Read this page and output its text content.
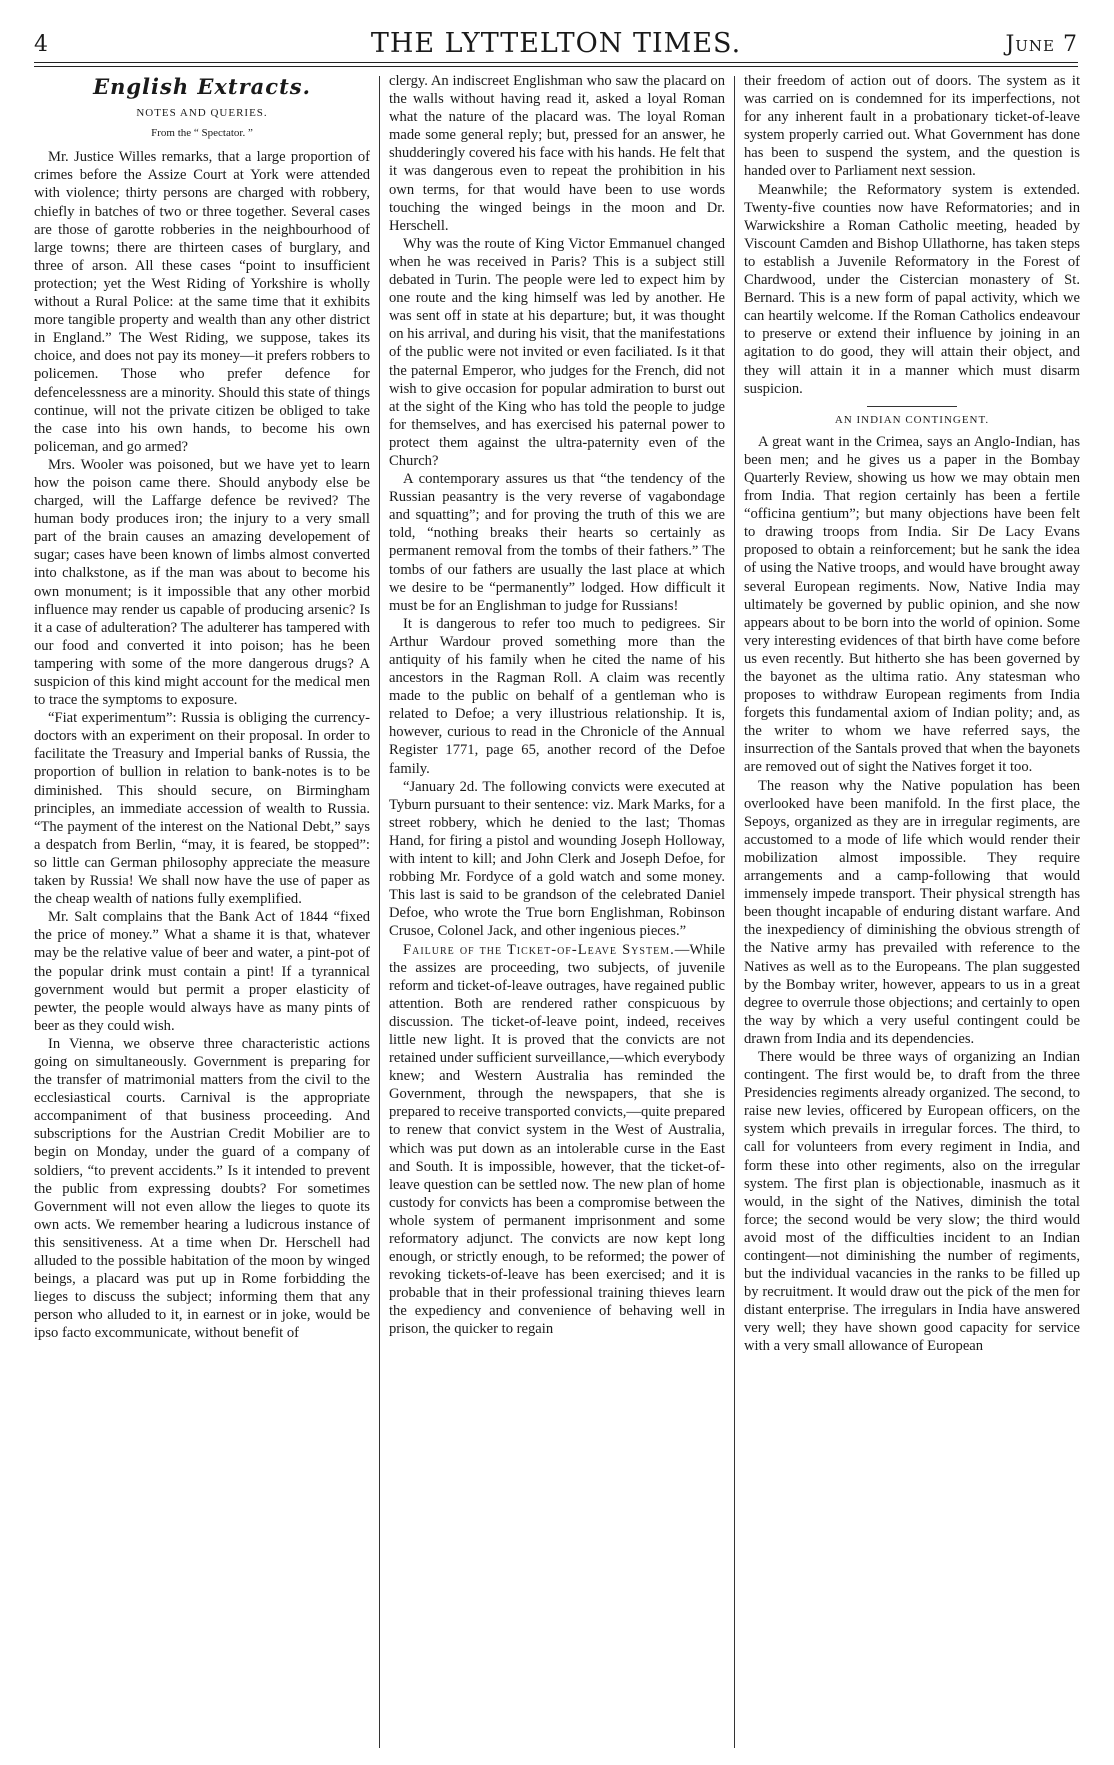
4	THE LYTTELTON TIMES.	June 7
English Extracts.
NOTES AND QUERIES.
From the “ Spectator. ”

Mr. Justice Willes remarks, that a large proportion of crimes before the Assize Court at York were attended with violence; thirty persons are charged with robbery, chiefly in batches of two or three together. Several cases are those of garotte robberies in the neighbourhood of large towns; there are thirteen cases of burglary, and three of arson. All these cases “point to insufficient protection; yet the West Riding of Yorkshire is wholly without a Rural Police: at the same time that it exhibits more tangible property and wealth than any other district in England.” The West Riding, we suppose, takes its choice, and does not pay its money—it prefers robbers to policemen. Those who prefer defence for defencelessness are a minority. Should this state of things continue, will not the private citizen be obliged to take the case into his own hands, to become his own policeman, and go armed?

Mrs. Wooler was poisoned, but we have yet to learn how the poison came there. Should anybody else be charged, will the Laffarge defence be revived? The human body produces iron; the injury to a very small part of the brain causes an amazing developement of sugar; cases have been known of limbs almost converted into chalkstone, as if the man was about to become his own monument; is it impossible that any other morbid influence may render us capable of producing arsenic? Is it a case of adulteration? The adulterer has tampered with our food and converted it into poison; has he been tampering with some of the more dangerous drugs? A suspicion of this kind might account for the medical men to trace the symptoms to exposure.

“Fiat experimentum”: Russia is obliging the currency-doctors with an experiment on their proposal. In order to facilitate the Treasury and Imperial banks of Russia, the proportion of bullion in relation to bank-notes is to be diminished. This should secure, on Birmingham principles, an immediate accession of wealth to Russia. “The payment of the interest on the National Debt,” says a despatch from Berlin, “may, it is feared, be stopped”: so little can German philosophy appreciate the measure taken by Russia! We shall now have the use of paper as the cheap wealth of nations fully exemplified.

Mr. Salt complains that the Bank Act of 1844 “fixed the price of money.” What a shame it is that, whatever may be the relative value of beer and water, a pint-pot of the popular drink must contain a pint! If a tyrannical government would but permit a proper elasticity of pewter, the people would always have as many pints of beer as they could wish.

In Vienna, we observe three characteristic actions going on simultaneously. Government is preparing for the transfer of matrimonial matters from the civil to the ecclesiastical courts. Carnival is the appropriate accompaniment of that business proceeding. And subscriptions for the Austrian Credit Mobilier are to begin on Monday, under the guard of a company of soldiers, “to prevent accidents.” Is it intended to prevent the public from expressing doubts? For sometimes Government will not even allow the lieges to quote its own acts. We remember hearing a ludicrous instance of this sensitiveness. At a time when Dr. Herschell had alluded to the possible habitation of the moon by winged beings, a placard was put up in Rome forbidding the lieges to discuss the subject; informing them that any person who alluded to it, in earnest or in joke, would be ipso facto excommunicate, without benefit of

clergy. An indiscreet Englishman who saw the placard on the walls without having read it, asked a loyal Roman what the nature of the placard was. The loyal Roman made some general reply; but, pressed for an answer, he shudderingly covered his face with his hands. He felt that it was dangerous even to repeat the prohibition in his own terms, for that would have been to use words touching the winged beings in the moon and Dr. Herschell.

Why was the route of King Victor Emmanuel changed when he was received in Paris? This is a subject still debated in Turin. The people were led to expect him by one route and the king himself was led by another. He was sent off in state at his departure; but, it was thought on his arrival, and during his visit, that the manifestations of the public were not invited or even faciliated. Is it that the paternal Emperor, who judges for the French, did not wish to give occasion for popular admiration to burst out at the sight of the King who has told the people to judge for themselves, and has exercised his paternal power to protect them against the ultra-paternity even of the Church?

A contemporary assures us that “the tendency of the Russian peasantry is the very reverse of vagabondage and squatting”; and for proving the truth of this we are told, “nothing breaks their hearts so certainly as permanent removal from the tombs of their fathers.” The tombs of our fathers are usually the last place at which we desire to be “permanently” lodged. How difficult it must be for an Englishman to judge for Russians!

It is dangerous to refer too much to pedigrees. Sir Arthur Wardour proved something more than the antiquity of his family when he cited the name of his ancestors in the Ragman Roll. A claim was recently made to the public on behalf of a gentleman who is related to Defoe; a very illustrious relationship. It is, however, curious to read in the Chronicle of the Annual Register 1771, page 65, another record of the Defoe family.

“January 2d. The following convicts were executed at Tyburn pursuant to their sentence: viz. Mark Marks, for a street robbery, which he denied to the last; Thomas Hand, for firing a pistol and wounding Joseph Holloway, with intent to kill; and John Clerk and Joseph Defoe, for robbing Mr. Fordyce of a gold watch and some money. This last is said to be grandson of the celebrated Daniel Defoe, who wrote the True born Englishman, Robinson Crusoe, Colonel Jack, and other ingenious pieces.”

Failure of the Ticket-of-Leave System.—While the assizes are proceeding, two subjects, of juvenile reform and ticket-of-leave outrages, have regained public attention. Both are rendered rather conspicuous by discussion. The ticket-of-leave point, indeed, receives little new light. It is proved that the convicts are not retained under sufficient surveillance,—which everybody knew; and Western Australia has reminded the Government, through the newspapers, that she is prepared to receive transported convicts,—quite prepared to renew that convict system in the West of Australia, which was put down as an intolerable curse in the East and South. It is impossible, however, that the ticket-of-leave question can be settled now. The new plan of home custody for convicts has been a compromise between the whole system of permanent imprisonment and some reformatory adjunct. The convicts are now kept long enough, or strictly enough, to be reformed; the power of revoking tickets-of-leave has been exercised; and it is probable that in their professional training thieves learn the expediency and convenience of behaving well in prison, the quicker to regain

their freedom of action out of doors. The system as it was carried on is condemned for its imperfections, not for any inherent fault in a probationary ticket-of-leave system properly carried out. What Government has done has been to suspend the system, and the question is handed over to Parliament next session.

Meanwhile; the Reformatory system is extended. Twenty-five counties now have Reformatories; and in Warwickshire a Roman Catholic meeting, headed by Viscount Camden and Bishop Ullathorne, has taken steps to establish a Juvenile Reformatory in the Forest of Chardwood, under the Cistercian monastery of St. Bernard. This is a new form of papal activity, which we can heartily welcome. If the Roman Catholics endeavour to preserve or extend their influence by joining in an agitation to do good, they will attain their object, and they will attain it in a manner which must disarm suspicion.

AN INDIAN CONTINGENT.

A great want in the Crimea, says an Anglo-Indian, has been men; and he gives us a paper in the Bombay Quarterly Review, showing us how we may obtain men from India. That region certainly has been a fertile “officina gentium”; but many objections have been felt to drawing troops from India. Sir De Lacy Evans proposed to obtain a reinforcement; but he sank the idea of using the Native troops, and would have brought away several European regiments. Now, Native India may ultimately be governed by public opinion, and she now appears about to be born into the world of opinion. Some very interesting evidences of that birth have come before us even recently. But hitherto she has been governed by the bayonet as the ultima ratio. Any statesman who proposes to withdraw European regiments from India forgets this fundamental axiom of Indian polity; and, as the writer to whom we have referred says, the insurrection of the Santals proved that when the bayonets are removed out of sight the Natives forget it too.

The reason why the Native population has been overlooked have been manifold. In the first place, the Sepoys, organized as they are in irregular regiments, are accustomed to a mode of life which would render their mobilization almost impossible. They require arrangements and a camp-following that would immensely impede transport. Their physical strength has been thought incapable of enduring distant warfare. And the inexpediency of diminishing the obvious strength of the Native army has prevailed with reference to the Natives as well as to the Europeans. The plan suggested by the Bombay writer, however, appears to us in a great degree to overrule those objections; and certainly to open the way by which a very useful contingent could be drawn from India and its dependencies.

There would be three ways of organizing an Indian contingent. The first would be, to draft from the three Presidencies regiments already organized. The second, to raise new levies, officered by European officers, on the system which prevails in irregular forces. The third, to call for volunteers from every regiment in India, and form these into other regiments, also on the irregular system. The first plan is objectionable, inasmuch as it would, in the sight of the Natives, diminish the total force; the second would be very slow; the third would avoid most of the difficulties incident to an Indian contingent—not diminishing the number of regiments, but the individual vacancies in the ranks to be filled up by recruitment. It would draw out the pick of the men for distant enterprise. The irregulars in India have answered very well; they have shown good capacity for service with a very small allowance of European
